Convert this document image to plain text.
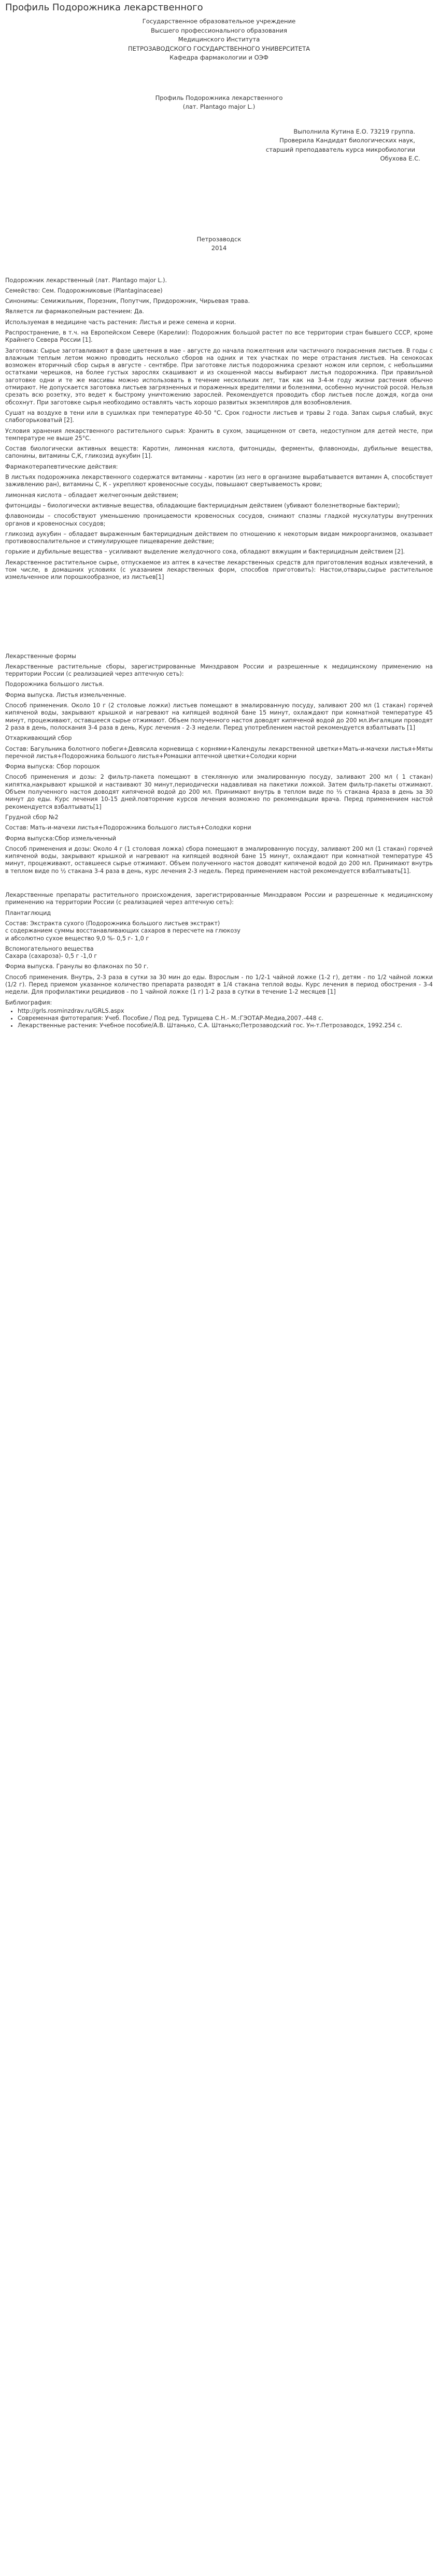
Профиль Подорожника лекарственного

Государственное образовательное учреждение

Высшего профессионального образования

Медицинского Института

ПЕТРОЗАВОДСКОГО ГОСУДАРСТВЕННОГО УНИВЕРСИТЕТА

Кафедра фармакологии и ОЭФ

Профиль Подорожника лекарственного

(лат. Plantago major L.)

Выполнила Кутина Е.О. 73219 группа.

Проверила Кандидат биологических наук,

старший преподаватель курса микробиологии

Обухова Е.С.

Петрозаводск

2014

Подорожник лекарственный (лат. Plantago major L.).

Семейство: Сем. Подорожниковые (Plantaginaceae)

Синонимы: Семижильник, Порезник, Попутчик, Придорожник, Чирьевая трава.

Является ли фармакопейным растением: Да.

Используемая в медицине часть растения: Листья и реже семена и корни.

Распространение, в т.ч. на Европейском Севере (Карелии): Подорожник большой растет по все территории стран бывшего СССР, кроме Крайнего Севера России [1].

Заготовка: Сырье заготавливают в фазе цветения в мае - августе до начала пожелтения или частичного покраснения листьев. В годы с влажным теплым летом можно проводить несколько сборов на одних и тех участках по мере отрастания листьев. На сенокосах возможен вторичный сбор сырья в августе - сентябре. При заготовке листья подорожника срезают ножом или серпом, с небольшими остатками черешков, на более густых зарослях скашивают и из скошенной массы выбирают листья подорожника. При правильной заготовке одни и те же массивы можно использовать в течение нескольких лет, так как на 3-4-м году жизни растения обычно отмирают. Не допускается заготовка листьев загрязненных и пораженных вредителями и болезнями, особенно мучнистой росой. Нельзя срезать всю розетку, это ведет к быстрому уничтожению зарослей. Рекомендуется проводить сбор листьев после дождя, когда они обсохнут. При заготовке сырья необходимо оставлять часть хорошо развитых экземпляров для возобновления.

Сушат на воздухе в тени или в сушилках при температуре 40-50 °С. Срок годности листьев и травы 2 года. Запах сырья слабый, вкус слабогорьковатый [2].

Условия хранения лекарственного растительного сырья: Хранить в сухом, защищенном от света, недоступном для детей месте, при температуре не выше 25°С.

Состав биологически активных веществ: Каротин, лимонная кислота, фитонциды, ферменты, флавоноиды, дубильные вещества, сапонины, витамины С,К, гликозид аукубин [1].

Фармакотерапевтические действия:

В листьях подорожника лекарственного содержатся витамины - каротин (из него в организме вырабатывается витамин А, способствует заживлению ран), витамины С, К - укрепляют кровеносные сосуды, повышают свертываемость крови;

лимонная кислота – обладает желчегонным действием;

фитонциды – биологически активные вещества, обладающие бактерицидным действием (убивают болезнетворные бактерии);

флавоноиды – способствуют уменьшению проницаемости кровеносных сосудов, снимают спазмы гладкой мускулатуры внутренних органов и кровеносных сосудов;

гликозид аукубин – обладает выраженным бактерицидным действием по отношению к некоторым видам микроорганизмов, оказывает противовоспалительное и стимулирующее пищеварение действие;

горькие и дубильные вещества – усиливают выделение желудочного сока, обладают вяжущим и бактерицидным действием [2].

Лекарственное растительное сырье, отпускаемое из аптек в качестве лекарственных средств для приготовления водных извлечений, в том числе, в домашних условиях (с указанием лекарственных форм, способов приготовить): Настои,отвары,сырье растительное измельченное или порошкообразное, из листьев[1]

Лекарственные формы

Лекарственные растительные сборы, зарегистрированные Минздравом России и разрешенные к медицинскому применению на территории России (с реализацией через аптечную сеть):

Подорожника большого листья.

Форма выпуска. Листья измельченные.

Способ применения. Около 10 г (2 столовые ложки) листьев помещают в эмалированную посуду, заливают 200 мл (1 стакан) горячей кипяченой воды, закрывают крышкой и нагревают на кипящей водяной бане 15 минут, охлаждают при комнатной температуре 45 минут, процеживают, оставшееся сырье отжимают. Объем полученного настоя доводят кипяченой водой до 200 мл.Ингаляции проводят 2 раза в день, полоскания 3-4 раза в день, Курс лечения - 2-3 недели. Перед употреблением настой рекомендуется взбалтывать [1]

Отхаркивающий сбор

Состав: Багульника болотного побеги+Девясила корневища с корнями+Календулы лекарственной цветки+Мать-и-мачехи листья+Мяты перечной листья+Подорожника большого листья+Ромашки аптечной цветки+Солодки корни

Форма выпуска: Сбор порошок

Способ применения и дозы: 2 фильтр-пакета помещают в стеклянную или эмалированную посуду, заливают 200 мл ( 1 стакан) кипятка,накрывают крышкой и настаивают 30 минут,периодически надавливая на пакетики ложкой. Затем фильтр-пакеты отжимают. Объем полученного настоя доводят кипяченой водой до 200 мл. Принимают внутрь в теплом виде по ⅓ стакана 4раза в день за 30 минут до еды. Курс лечения 10-15 дней.повторение курсов лечения возможно по рекомендации врача. Перед применением настой рекомендуется взбалтывать[1]

Грудной сбор №2

Состав: Мать-и-мачехи листья+Подорожника большого листья+Солодки корни

Форма выпуска:Сбор измельченный

Способ применения и дозы: Около 4 г (1 столовая ложка) сбора помещают в эмалированную посуду, заливают 200 мл (1 стакан) горячей кипяченой воды, закрывают крышкой и нагревают на кипящей водяной бане 15 минут, охлаждают при комнатной температуре 45 минут, процеживают, оставшееся сырье отжимают. Объем полученного настоя доводят кипяченой водой до 200 мл. Принимают внутрь в теплом виде по ½ стакана 3-4 раза в день, курс лечения 2-3 недель. Перед применением настой рекомендуется взбалтывать[1].

Лекарственные препараты растительного происхождения, зарегистрированные Минздравом России и разрешенные к медицинскому применению на территории России (с реализацией через аптечную сеть):

Плантаглюцид

Состав: Экстракта сухого (Подорожника большого листьев экстракт)

с содержанием суммы восстанавливающих сахаров в пересчете на глюкозу

и абсолютно сухое вещество 9,0 %- 0,5 г- 1,0 г

Вспомогательного вещества

Сахара (сахароза)- 0,5 г -1,0 г

Форма выпуска. Гранулы во флаконах по 50 г.

Способ применения. Внутрь, 2-3 раза в сутки за 30 мин до еды. Взрослым - по 1/2-1 чайной ложке (1-2 г), детям - по 1/2 чайной ложки (1/2 г). Перед приемом указанное количество препарата разводят в 1/4 стакана теплой воды. Курс лечения в период обострения - 3-4 недели. Для профилактики рецидивов - по 1 чайной ложке (1 г) 1-2 раза в сутки в течение 1-2 месяцев [1]

Библиография:

• http://grls.rosminzdrav.ru/GRLS.aspx
• Современная фитотерапия: Учеб. Пособие./ Под ред. Турищева С.Н.- М.:ГЭОТАР-Медиа,2007.-448 с.
• Лекарственные растения: Учебное пособие/А.В. Штанько, С.А. Штанько;Петрозаводский гос. Ун-т.Петрозаводск, 1992.254 с.
